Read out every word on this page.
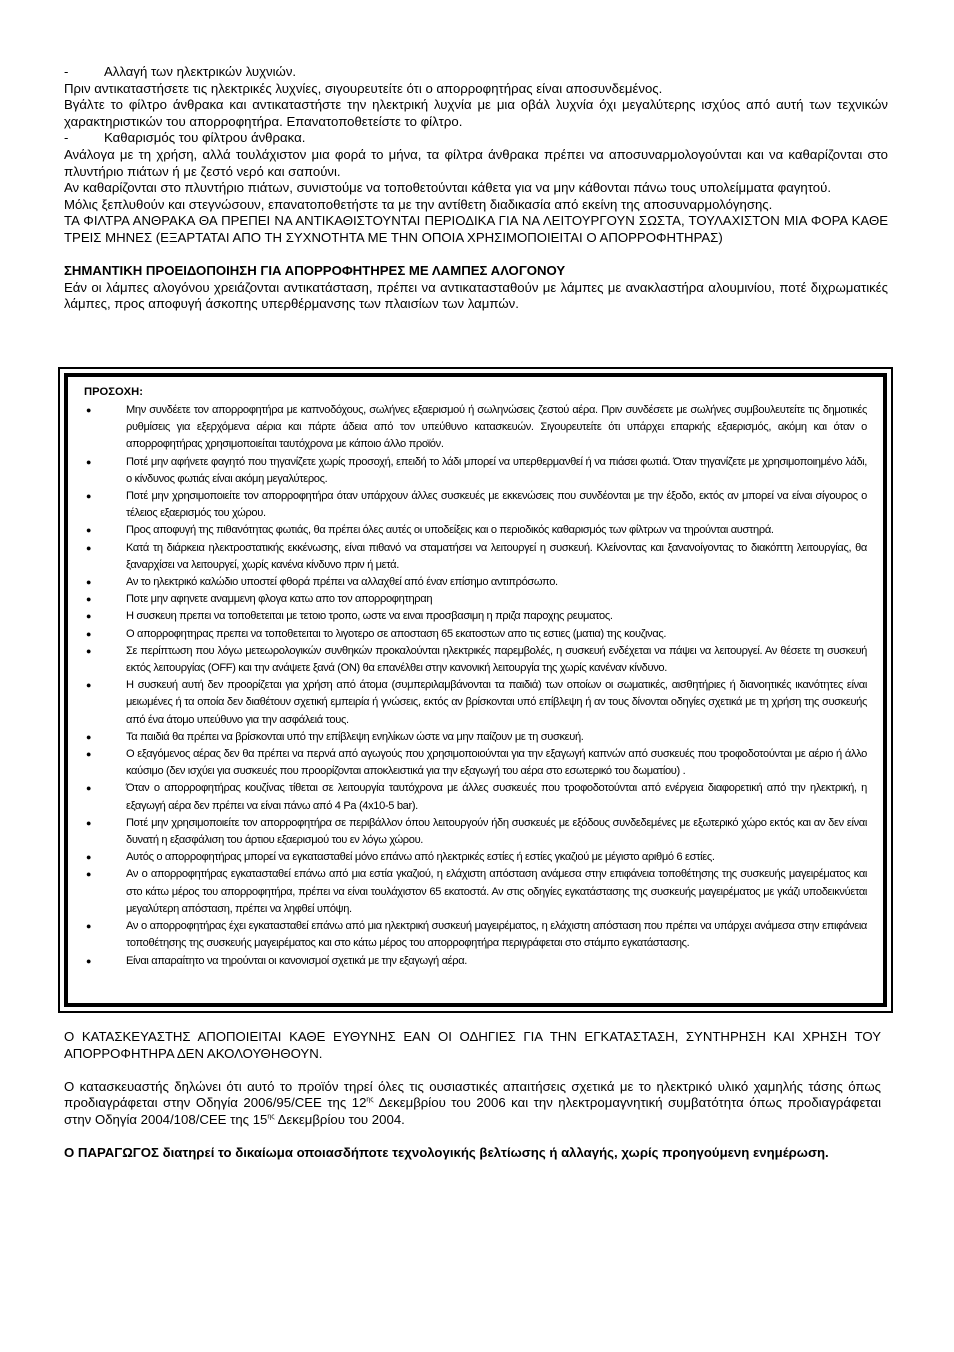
-	Αλλαγή των ηλεκτρικών λυχνιών.

Πριν αντικαταστήσετε τις ηλεκτρικές λυχνίες, σιγουρευτείτε ότι ο απορροφητήρας είναι αποσυνδεμένος.

Βγάλτε το φίλτρο άνθρακα και αντικαταστήστε την ηλεκτρική λυχνία με μια οβάλ λυχνία όχι μεγαλύτερης ισχύος από αυτή των τεχνικών χαρακτηριστικών του απορροφητήρα. Επανατοποθετείστε το φίλτρο.

-	Καθαρισμός του φίλτρου άνθρακα.

Ανάλογα με τη χρήση, αλλά τουλάχιστον μια φορά το μήνα, τα φίλτρα άνθρακα πρέπει να αποσυναρμολογούνται και να καθαρίζονται στο πλυντήριο πιάτων ή με ζεστό νερό και σαπούνι.

Αν καθαρίζονται στο πλυντήριο πιάτων, συνιστούμε να τοποθετούνται κάθετα για να μην κάθονται πάνω τους υπολείμματα φαγητού.

Μόλις ξεπλυθούν και στεγνώσουν, επανατοποθετήστε τα με την αντίθετη διαδικασία από εκείνη της αποσυναρμολόγησης.

ΤΑ ΦΙΛΤΡΑ ΑΝΘΡΑΚΑ ΘΑ ΠΡΕΠΕΙ ΝΑ ΑΝΤΙΚΑΘΙΣΤΟΥΝΤΑΙ ΠΕΡΙΟΔΙΚΑ ΓΙΑ ΝΑ ΛΕΙΤΟΥΡΓΟΥΝ ΣΩΣΤΑ, ΤΟΥΛΑΧΙΣΤΟΝ ΜΙΑ ΦΟΡΑ ΚΑΘΕ ΤΡΕΙΣ ΜΗΝΕΣ (ΕΞΑΡΤΑΤΑΙ ΑΠΟ ΤΗ ΣΥΧΝΟΤΗΤΑ ΜΕ ΤΗΝ ΟΠΟΙΑ ΧΡΗΣΙΜΟΠΟΙΕΙΤΑΙ Ο ΑΠΟΡΡΟΦΗΤΗΡΑΣ)

ΣΗΜΑΝΤΙΚΗ ΠΡΟΕΙΔΟΠΟΙΗΣΗ ΓΙΑ ΑΠΟΡΡΟΦΗΤΗΡΕΣ ΜΕ ΛΑΜΠΕΣ ΑΛΟΓΟΝΟΥ

Εάν οι λάμπες αλογόνου χρειάζονται αντικατάσταση, πρέπει να αντικατασταθούν με λάμπες με ανακλαστήρα αλουμινίου, ποτέ διχρωματικές λάμπες, προς αποφυγή άσκοπης υπερθέρμανσης των πλαισίων των λαμπών.

ΠΡΟΣΟΧΗ:
●	Μην συνδέετε τον απορροφητήρα με καπνοδόχους, σωλήνες εξαερισμού ή σωληνώσεις ζεστού αέρα. Πριν συνδέσετε με σωλήνες συμβουλευτείτε τις δημοτικές ρυθμίσεις για εξερχόμενα αέρια και πάρτε άδεια από τον υπεύθυνο κατασκευών. Σιγουρευτείτε ότι υπάρχει επαρκής εξαερισμός, ακόμη και όταν ο απορροφητήρας χρησιμοποιείται ταυτόχρονα με κάποιο άλλο προϊόν.
●	Ποτέ μην αφήνετε φαγητό που τηγανίζετε χωρίς προσοχή, επειδή το λάδι μπορεί να υπερθερμανθεί ή να πιάσει φωτιά. Όταν τηγανίζετε με χρησιμοποιημένο λάδι, ο κίνδυνος φωτιάς είναι ακόμη μεγαλύτερος.
●	Ποτέ μην χρησιμοποιείτε τον απορροφητήρα όταν υπάρχουν άλλες συσκευές με εκκενώσεις που συνδέονται με την έξοδο, εκτός αν μπορεί να είναι σίγουρος ο τέλειος εξαερισμός του χώρου.
●	Προς αποφυγή της πιθανότητας φωτιάς, θα πρέπει όλες αυτές οι υποδείξεις και ο περιοδικός καθαρισμός των φίλτρων να τηρούνται αυστηρά.
●	Κατά τη διάρκεια ηλεκτροστατικής εκκένωσης, είναι πιθανό να σταματήσει να λειτουργεί η συσκευή. Κλείνοντας και ξανανοίγοντας το διακόπτη λειτουργίας, θα ξαναρχίσει να λειτουργεί, χωρίς κανένα κίνδυνο πριν ή μετά.
●	Αν το ηλεκτρικό καλώδιο υποστεί φθορά πρέπει να αλλαχθεί από έναν επίσημο αντιπρόσωπο.
●	Ποτε μην αφηνετε αναμμενη φλογα κατω απο τον απορροφητηραη
●	Η συσκευη πρεπει να τοποθετειται με τετοιο τροπο, ωστε να ειναι προσβασιμη η πριζα παροχης ρευματος.
●	Ο απορροφητηρας πρεπει να τοποθετειται το λιγοτερο σε αποσταση 65 εκατοστων απο τις εστιες (ματια) της κουζινας.
●	Σε περίπτωση που λόγω μετεωρολογικών συνθηκών προκαλούνται ηλεκτρικές παρεμβολές, η συσκευή ενδέχεται να πάψει να λειτουργεί. Αν θέσετε τη συσκευή εκτός λειτουργίας (OFF) και την ανάψετε ξανά (ON) θα επανέλθει στην κανονική λειτουργία της χωρίς κανέναν κίνδυνο.
●	Η συσκευή αυτή δεν προορίζεται για χρήση από άτομα (συμπεριλαμβάνονται τα παιδιά) των οποίων οι σωματικές, αισθητήριες ή διανοητικές ικανότητες είναι μειωμένες ή τα οποία δεν διαθέτουν σχετική εμπειρία ή γνώσεις, εκτός αν βρίσκονται υπό επίβλεψη ή αν τους δίνονται οδηγίες σχετικά με τη χρήση της συσκευής από ένα άτομο υπεύθυνο για την ασφάλειά τους.
●	Τα παιδιά θα πρέπει να βρίσκονται υπό την επίβλεψη ενηλίκων ώστε να μην παίζουν με τη συσκευή.
●	Ο εξαγόμενος αέρας δεν θα πρέπει να περνά από αγωγούς που χρησιμοποιούνται για την εξαγωγή καπνών από συσκευές που τροφοδοτούνται με αέριο ή άλλο καύσιμο (δεν ισχύει για συσκευές που προορίζονται αποκλειστικά για την εξαγωγή του αέρα στο εσωτερικό του δωματίου) .
●	Όταν ο απορροφητήρας κουζίνας τίθεται σε λειτουργία ταυτόχρονα με άλλες συσκευές που τροφοδοτούνται από ενέργεια διαφορετική από την ηλεκτρική, η εξαγωγή αέρα δεν πρέπει να είναι πάνω από 4 Pa (4x10-5 bar).
●	Ποτέ μην χρησιμοποιείτε τον απορροφητήρα σε περιβάλλον όπου λειτουργούν ήδη συσκευές με εξόδους συνδεδεμένες με εξωτερικό χώρο εκτός και αν δεν είναι δυνατή η εξασφάλιση του άρτιου εξαερισμού του εν λόγω χώρου.
●	Αυτός ο απορροφητήρας μπορεί να εγκατασταθεί μόνο επάνω από ηλεκτρικές εστίες ή εστίες γκαζιού με μέγιστο αριθμό 6 εστίες.
●	Αν ο απορροφητήρας εγκατασταθεί επάνω από μια εστία γκαζιού, η ελάχιστη απόσταση ανάμεσα στην επιφάνεια τοποθέτησης της συσκευής μαγειρέματος και στο κάτω μέρος του απορροφητήρα, πρέπει να είναι τουλάχιστον 65 εκατοστά. Αν στις οδηγίες εγκατάστασης της συσκευής μαγειρέματος με γκάζι υποδεικνύεται μεγαλύτερη απόσταση, πρέπει να ληφθεί υπόψη.
●	Αν ο απορροφητήρας έχει εγκατασταθεί επάνω από μια ηλεκτρική συσκευή μαγειρέματος, η ελάχιστη απόσταση που πρέπει να υπάρχει ανάμεσα στην επιφάνεια τοποθέτησης της συσκευής μαγειρέματος και στο κάτω μέρος του απορροφητήρα περιγράφεται στο στάμπο εγκατάστασης.
●	Είναι απαραίτητο να τηρούνται οι κανονισμοί σχετικά με την εξαγωγή αέρα.

Ο ΚΑΤΑΣΚΕΥΑΣΤΗΣ ΑΠΟΠΟΙΕΙΤΑΙ ΚΑΘΕ ΕΥΘΥΝΗΣ ΕΑΝ ΟΙ ΟΔΗΓΙΕΣ ΓΙΑ ΤΗΝ ΕΓΚΑΤΑΣΤΑΣΗ, ΣΥΝΤΗΡΗΣΗ ΚΑΙ ΧΡΗΣΗ ΤΟΥ ΑΠΟΡΡΟΦΗΤΗΡΑ ΔΕΝ ΑΚΟΛΟΥΘΗΘΟΥΝ.

Ο κατασκευαστής δηλώνει ότι αυτό το προϊόν τηρεί όλες τις ουσιαστικές απαιτήσεις σχετικά με το ηλεκτρικό υλικό χαμηλής τάσης όπως προδιαγράφεται στην Οδηγία 2006/95/CEE της $12^{\eta\varsigma}$ Δεκεμβρίου του 2006 και την ηλεκτρομαγνητική συμβατότητα όπως προδιαγράφεται στην Οδηγία 2004/108/CEE της $15^{\eta\varsigma}$ Δεκεμβρίου του 2004.

Ο ΠΑΡΑΓΩΓΟΣ διατηρεί το δικαίωμα οποιασδήποτε τεχνολογικής βελτίωσης ή αλλαγής, χωρίς προηγούμενη ενημέρωση.
